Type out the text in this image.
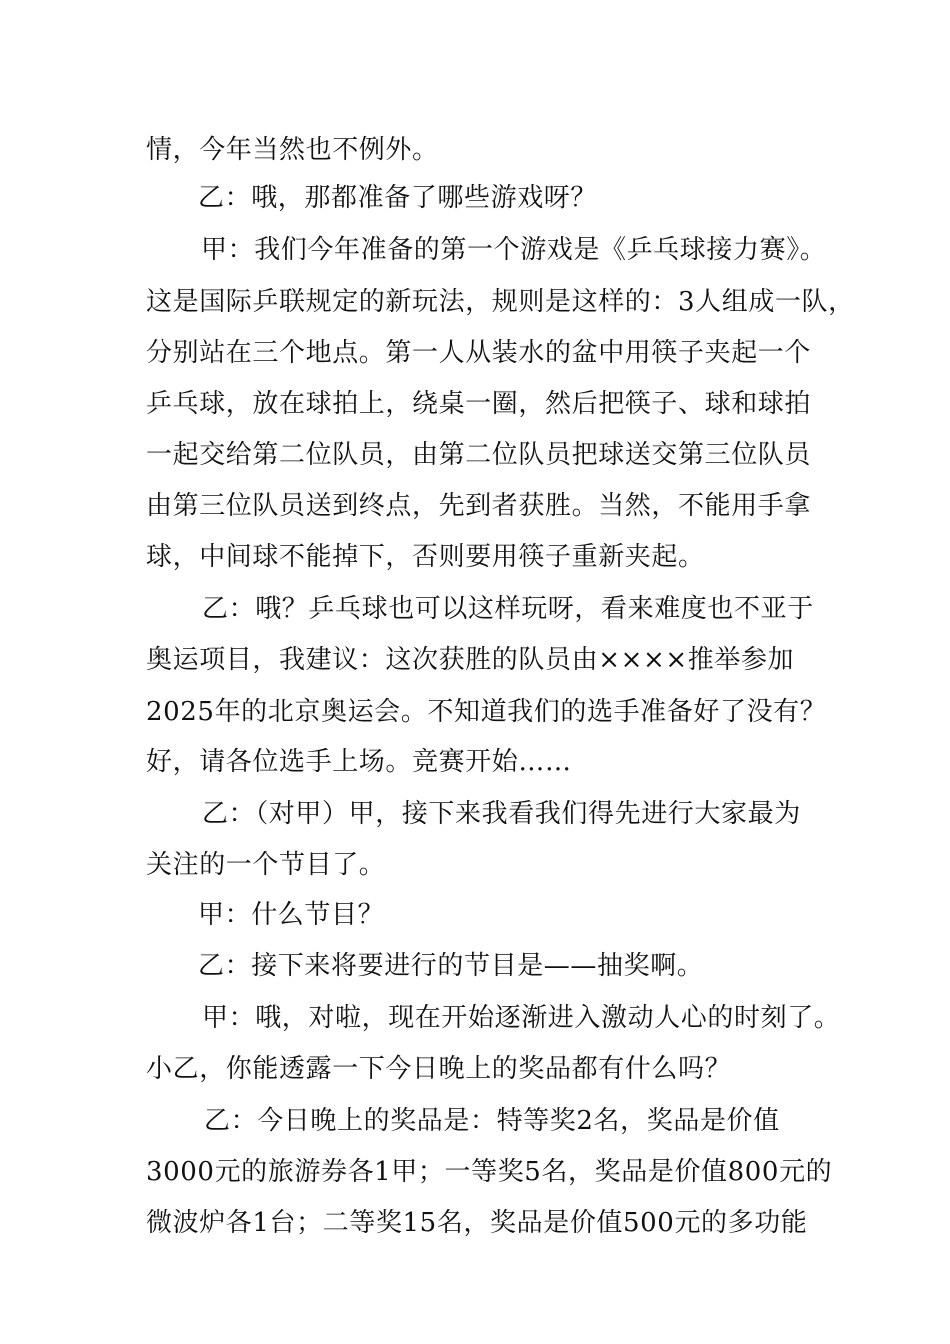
情，今年当然也不例外。
乙：哦，那都准备了哪些游戏呀？
甲：我们今年准备的第一个游戏是《乒乓球接力赛》。
这是国际乒联规定的新玩法，规则是这样的：3人组成一队，
分别站在三个地点。第一人从装水的盆中用筷子夹起一个
乒乓球，放在球拍上，绕桌一圈，然后把筷子、球和球拍
一起交给第二位队员，由第二位队员把球送交第三位队员
由第三位队员送到终点，先到者获胜。当然，不能用手拿
球，中间球不能掉下，否则要用筷子重新夹起。
乙：哦？乒乓球也可以这样玩呀，看来难度也不亚于
奥运项目，我建议：这次获胜的队员由××××推举参加
2025年的北京奥运会。不知道我们的选手准备好了没有？
好，请各位选手上场。竞赛开始……
乙：（对甲）甲，接下来我看我们得先进行大家最为
关注的一个节目了。
甲：什么节目？
乙：接下来将要进行的节目是——抽奖啊。
甲：哦，对啦，现在开始逐渐进入激动人心的时刻了。
小乙，你能透露一下今日晚上的奖品都有什么吗？
乙：今日晚上的奖品是：特等奖2名，奖品是价值
3000元的旅游券各1甲；一等奖5名，奖品是价值800元的
微波炉各1台；二等奖15名，奖品是价值500元的多功能
